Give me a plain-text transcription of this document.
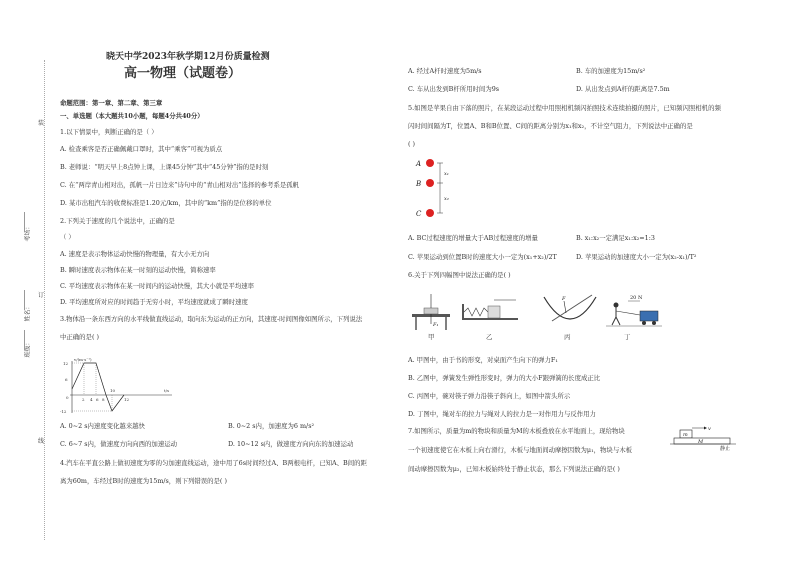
装
订
线
考场：
姓名：
班级：
晓天中学2023年秋学期12月份质量检测
高一物理（试题卷）
命题范围：第一章、第二章、第三章
一、单选题（本大题共10小题，每题4分共40分）
1.以下情景中，判断正确的是（ ）
A. 检查乘客是否正确佩戴口罩时，其中“乘客”可视为质点
B. 老师说：“明天早上8点钟上课，上课45分钟”其中“45分钟”指的是时刻
C. 在“两岸青山相对出，孤帆一片日边来”诗句中的“青山相对出”选择的参考系是孤帆
D. 某市出租汽车的收费标准是1.20元/km，其中的“km”指的是位移的单位
2.下列关于速度的几个说法中，正确的是
（ ）
A. 速度是表示物体运动快慢的物理量，有大小无方向
B. 瞬时速度表示物体在某一时刻的运动快慢，简称速率
C. 平均速度表示物体在某一时间内的运动快慢，其大小就是平均速率
D. 平均速度所对应的时间趋于无穷小时，平均速度就成了瞬时速度
3.物体沿一条东西方向的水平线做直线运动，取向东为运动的正方向，其速度-时间图像如图所示，下列说法
中正确的是( )
v/(m·s⁻¹)
12
6
0
-12
2 4 6 8
10
12
t/s
A. 0~2 s内速度变化越来越快	B. 0~2 s内，加速度为6 m/s²
C. 6~7 s内，做速度方向向西的加速运动	D. 10~12 s内，做速度方向向东的加速运动
4.汽车在平直公路上做初速度为零的匀加速直线运动，途中用了6s时间经过A、B两根电杆，已知A、B间的距
离为60m，车经过B时的速度为15m/s，则下列错误的是( )
A. 经过A杆时速度为5m/s	B. 车的加速度为15m/s²
C. 车从出发到B杆所用时间为9s	D. 从出发点到A杆的距离是7.5m
5.如图是苹果自由下落的照片，在某段运动过程中用照相机频闪拍照技术连续拍摄的照片，已知频闪照相机的频
闪时间间隔为T，位置A、B和B位置、C间的距离分别为x₁和x₂，不计空气阻力，下列说法中正确的是
( )
A
B
C
x₁
x₂
A. BC过程速度的增量大于AB过程速度的增量	B. x₁:x₂一定满足x₁:x₂=1:3
C. 苹果运动到位置B时的速度大小一定为(x₁+x₂)/2T	D. 苹果运动的加速度大小一定为(x₂-x₁)/T²
6.关于下列四幅图中说法正确的是( )
F₁
甲	乙
F
丙
20 N
丁
A. 甲图中，由于书的形变，对桌面产生向下的弹力F₁
B. 乙图中，弹簧发生弹性形变时，弹力的大小F跟弹簧的长度成正比
C. 丙图中，碗对筷子弹力沿筷子斜向上，如图中箭头所示
D. 丁图中，绳对车的拉力与绳对人的拉力是一对作用力与反作用力
7.如图所示，质量为m的物块和质量为M的木板叠放在水平地面上，现给物块
一个初速度使它在木板上向右滑行，木板与地面间动摩擦因数为μ₁，物块与木板
间动摩擦因数为μ₂，已知木板始终处于静止状态，那么下列说法正确的是( )
m
M
v
静止
